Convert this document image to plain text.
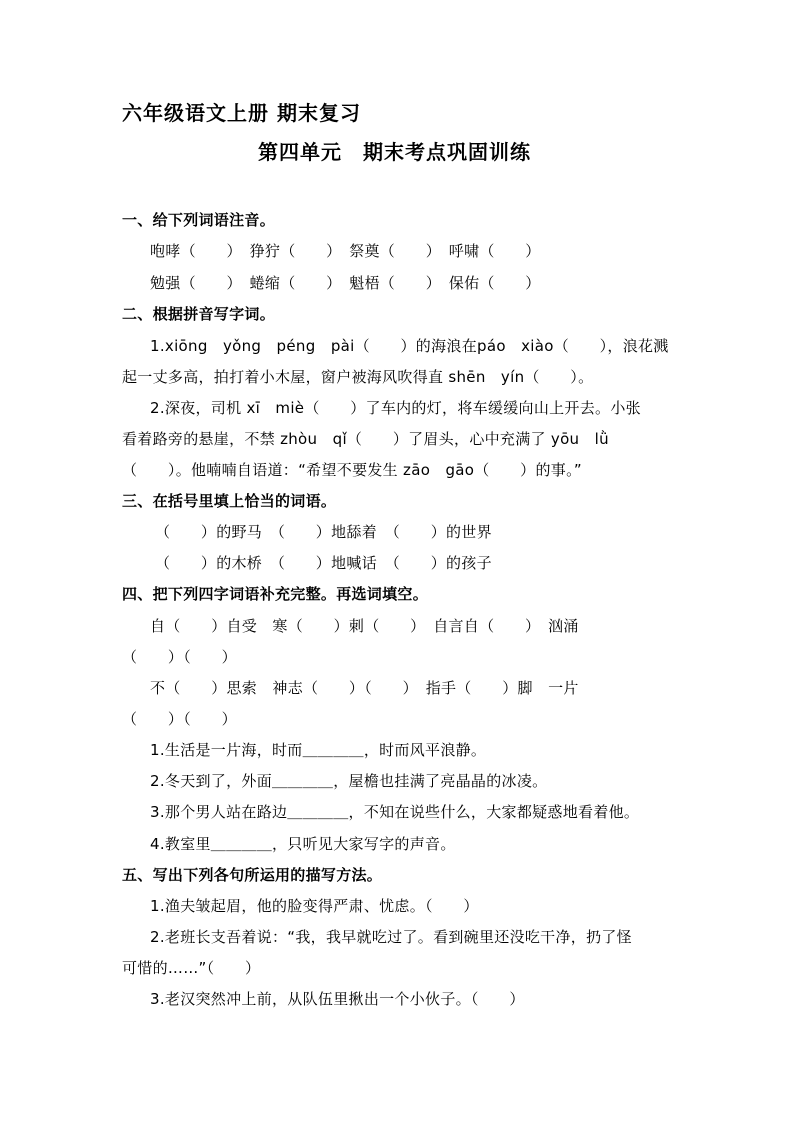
六年级语文上册 期末复习
第四单元　期末考点巩固训练
一、给下列词语注音。
咆哮（　　）　狰狞（　　）　祭奠（　　）　呼啸（　　）
勉强（　　）　蜷缩（　　）　魁梧（　　）　保佑（　　）
二、根据拼音写字词。
1.xiōng　yǒng　péng　pài（　　）的海浪在páo　xiào（　　），浪花溅
起一丈多高，拍打着小木屋，窗户被海风吹得直 shēn　yín（　　）。
2.深夜，司机 xī　miè（　　）了车内的灯，将车缓缓向山上开去。小张
看着路旁的悬崖，不禁 zhòu　qǐ（　　）了眉头，心中充满了 yōu　lǜ
（　　）。他喃喃自语道：“希望不要发生 zāo　gāo（　　）的事。”
三、在括号里填上恰当的词语。
（　　）的野马　（　　）地舔着　（　　）的世界
（　　）的木桥　（　　）地喊话　（　　）的孩子
四、把下列四字词语补充完整。再选词填空。
自（　　）自受　寒（　　）刺（　　）　自言自（　　）　汹涌
（　　）（　　）
不（　　）思索　神志（　　）（　　）　指手（　　）脚　一片
（　　）（　　）
1.生活是一片海，时而＿＿＿＿，时而风平浪静。
2.冬天到了，外面＿＿＿＿，屋檐也挂满了亮晶晶的冰凌。
3.那个男人站在路边＿＿＿＿，不知在说些什么，大家都疑惑地看着他。
4.教室里＿＿＿＿，只听见大家写字的声音。
五、写出下列各句所运用的描写方法。
1.渔夫皱起眉，他的脸变得严肃、忧虑。（　　）
2.老班长支吾着说：“我，我早就吃过了。看到碗里还没吃干净，扔了怪
可惜的……”（　　）
3.老汉突然冲上前，从队伍里揪出一个小伙子。（　　）
